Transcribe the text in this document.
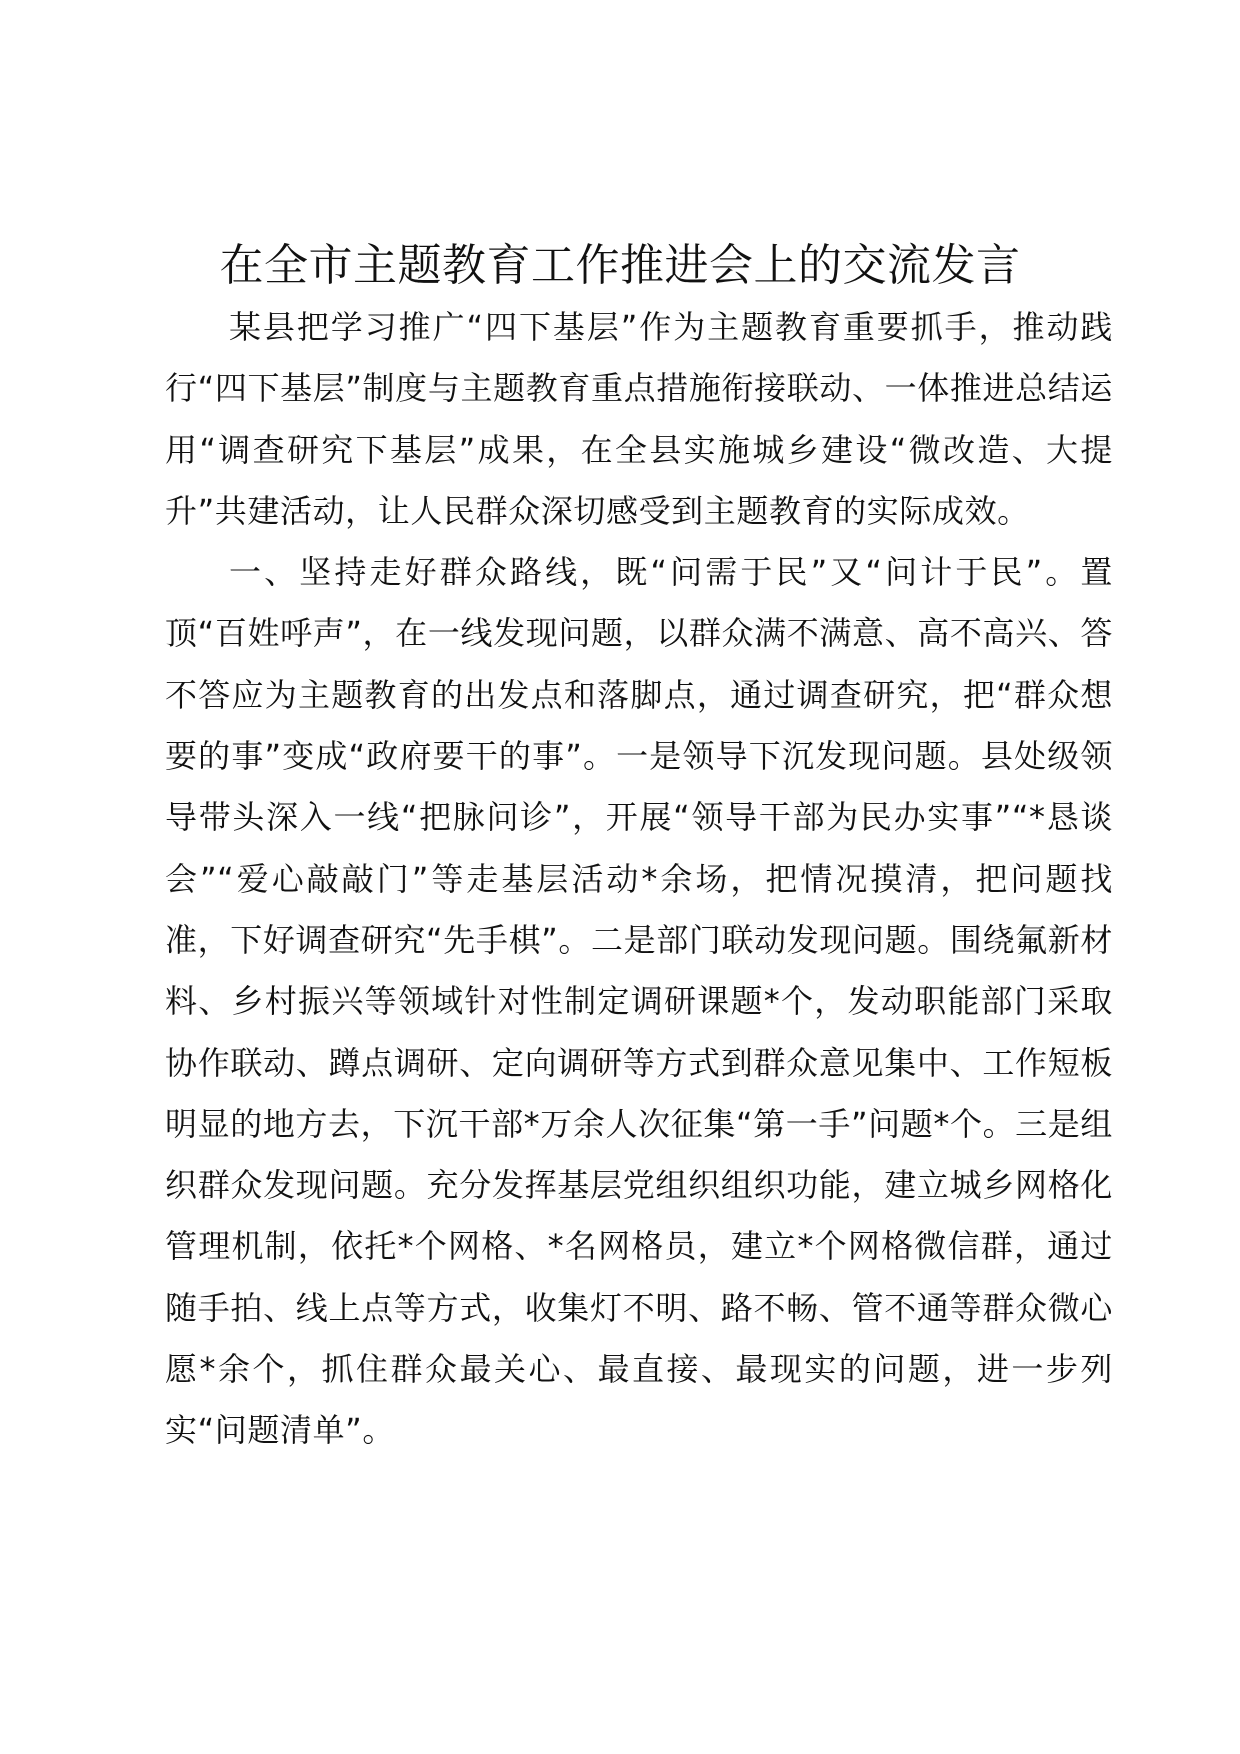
在全市主题教育工作推进会上的交流发言

某县把学习推广“四下基层”作为主题教育重要抓手，推动践行“四下基层”制度与主题教育重点措施衔接联动、一体推进总结运用“调查研究下基层”成果，在全县实施城乡建设“微改造、大提升”共建活动，让人民群众深切感受到主题教育的实际成效。

一、坚持走好群众路线，既“问需于民”又“问计于民”。置顶“百姓呼声”，在一线发现问题，以群众满不满意、高不高兴、答不答应为主题教育的出发点和落脚点，通过调查研究，把“群众想要的事”变成“政府要干的事”。一是领导下沉发现问题。县处级领导带头深入一线“把脉问诊”，开展“领导干部为民办实事”“*恳谈会”“爱心敲敲门”等走基层活动*余场，把情况摸清，把问题找准，下好调查研究“先手棋”。二是部门联动发现问题。围绕氟新材料、乡村振兴等领域针对性制定调研课题*个，发动职能部门采取协作联动、蹲点调研、定向调研等方式到群众意见集中、工作短板明显的地方去，下沉干部*万余人次征集“第一手”问题*个。三是组织群众发现问题。充分发挥基层党组织组织功能，建立城乡网格化管理机制，依托*个网格、*名网格员，建立*个网格微信群，通过随手拍、线上点等方式，收集灯不明、路不畅、管不通等群众微心愿*余个，抓住群众最关心、最直接、最现实的问题，进一步列实“问题清单”。
